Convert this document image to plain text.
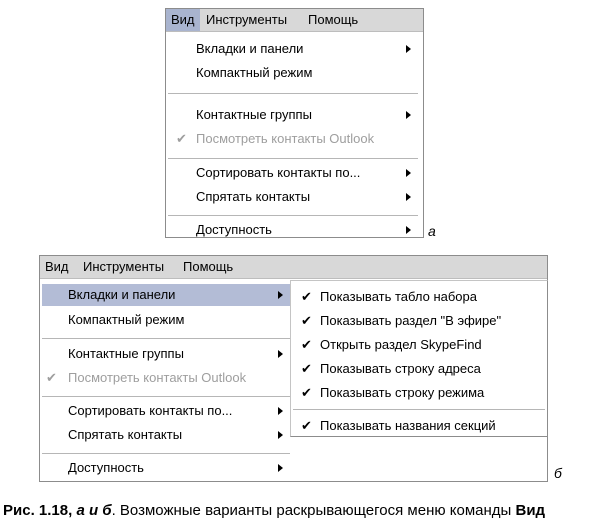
Вид Инструменты	Помощь
Вкладки и панели
Компактный режим
Контактные группы
✔ Посмотреть контакты Outlook
Сортировать контакты по...
Спрятать контакты
Доступность	а
Вид	Инструменты	Помощь
Вкладки и панели
Компактный режим
Контактные группы
✔ Посмотреть контакты Outlook
Сортировать контакты по...
Спрятать контакты
Доступность
✔ Показывать табло набора
✔ Показывать раздел "В эфире"
✔ Открыть раздел SkypeFind
✔ Показывать строку адреса
✔ Показывать строку режима
✔ Показывать названия секций
б
Рис. 1.18, а и б. Возможные варианты раскрывающегося меню команды Вид
